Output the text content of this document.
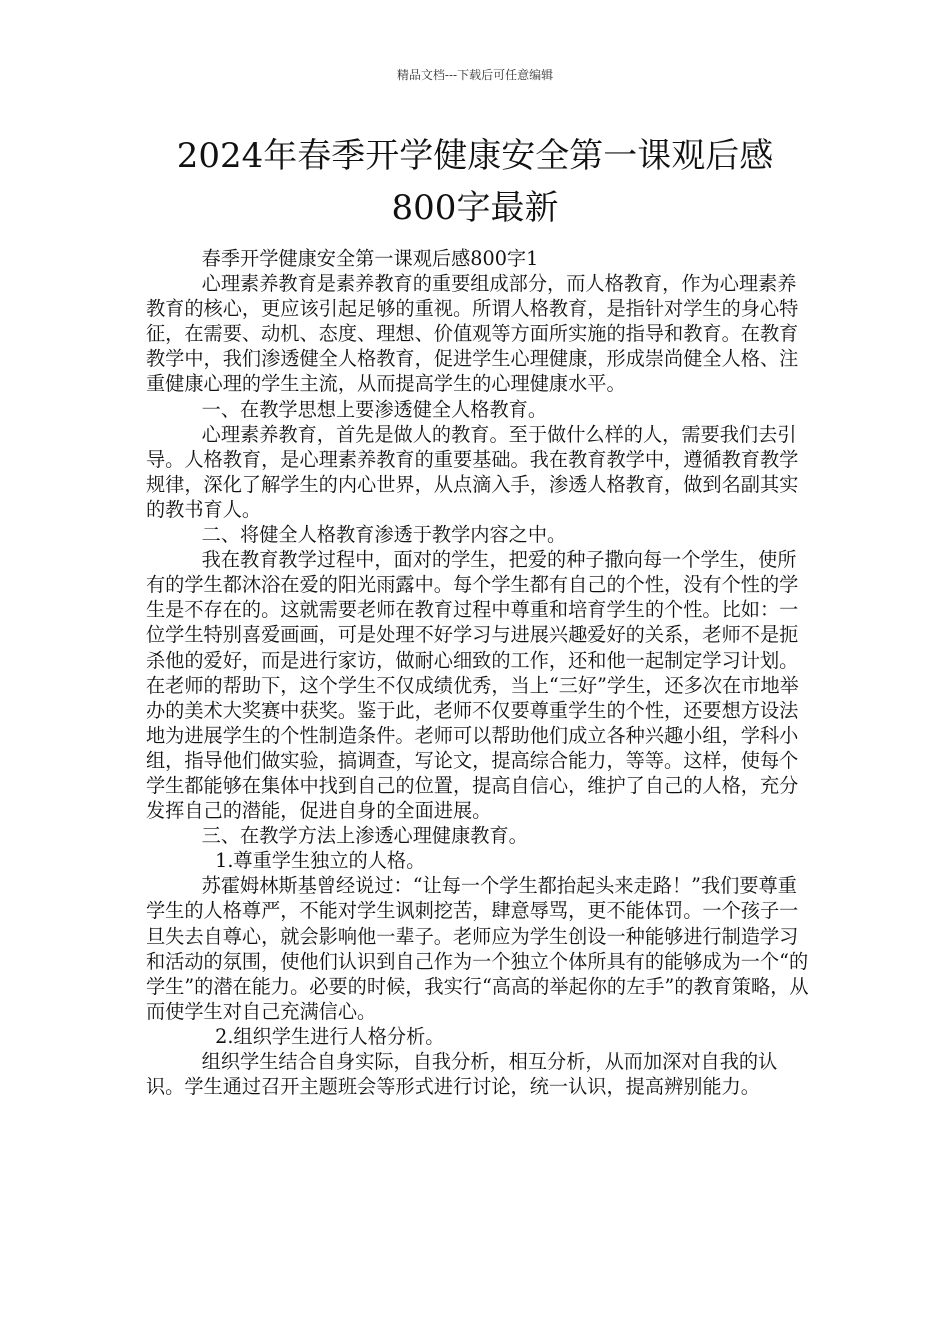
精品文档---下载后可任意编辑
2024年春季开学健康安全第一课观后感
800字最新

春季开学健康安全第一课观后感800字1

心理素养教育是素养教育的重要组成部分，而人格教育，作为心理素养教育的核心，更应该引起足够的重视。所谓人格教育，是指针对学生的身心特征，在需要、动机、态度、理想、价值观等方面所实施的指导和教育。在教育教学中，我们渗透健全人格教育，促进学生心理健康，形成崇尚健全人格、注重健康心理的学生主流，从而提高学生的心理健康水平。

一、在教学思想上要渗透健全人格教育。

心理素养教育，首先是做人的教育。至于做什么样的人，需要我们去引导。人格教育，是心理素养教育的重要基础。我在教育教学中，遵循教育教学规律，深化了解学生的内心世界，从点滴入手，渗透人格教育，做到名副其实的教书育人。

二、将健全人格教育渗透于教学内容之中。

我在教育教学过程中，面对的学生，把爱的种子撒向每一个学生，使所有的学生都沐浴在爱的阳光雨露中。每个学生都有自己的个性，没有个性的学生是不存在的。这就需要老师在教育过程中尊重和培育学生的个性。比如：一位学生特别喜爱画画，可是处理不好学习与进展兴趣爱好的关系，老师不是扼杀他的爱好，而是进行家访，做耐心细致的工作，还和他一起制定学习计划。在老师的帮助下，这个学生不仅成绩优秀，当上“三好”学生，还多次在市地举办的美术大奖赛中获奖。鉴于此，老师不仅要尊重学生的个性，还要想方设法地为进展学生的个性制造条件。老师可以帮助他们成立各种兴趣小组，学科小组，指导他们做实验，搞调查，写论文，提高综合能力，等等。这样，使每个学生都能够在集体中找到自己的位置，提高自信心，维护了自己的人格，充分发挥自己的潜能，促进自身的全面进展。

三、在教学方法上渗透心理健康教育。

1.尊重学生独立的人格。

苏霍姆林斯基曾经说过：“让每一个学生都抬起头来走路！”我们要尊重学生的人格尊严，不能对学生讽刺挖苦，肆意辱骂，更不能体罚。一个孩子一旦失去自尊心，就会影响他一辈子。老师应为学生创设一种能够进行制造学习和活动的氛围，使他们认识到自己作为一个独立个体所具有的能够成为一个“的学生”的潜在能力。必要的时候，我实行“高高的举起你的左手”的教育策略，从而使学生对自己充满信心。

2.组织学生进行人格分析。

组织学生结合自身实际，自我分析，相互分析，从而加深对自我的认识。学生通过召开主题班会等形式进行讨论，统一认识，提高辨别能力。
